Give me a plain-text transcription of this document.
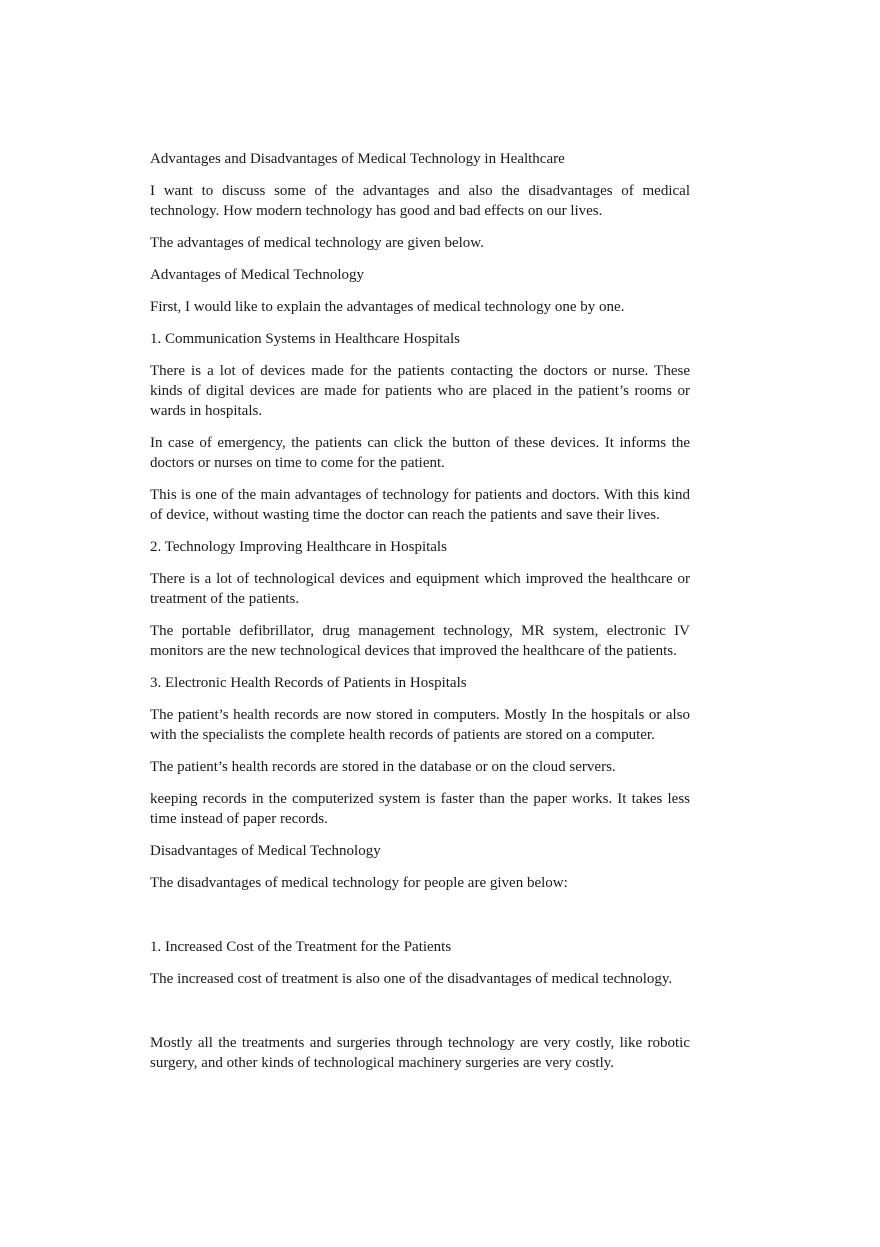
Advantages and Disadvantages of Medical Technology in Healthcare

I want to discuss some of the advantages and also the disadvantages of medical technology. How modern technology has good and bad effects on our lives.

The advantages of medical technology are given below.

Advantages of Medical Technology

First, I would like to explain the advantages of medical technology one by one.

1. Communication Systems in Healthcare Hospitals

There is a lot of devices made for the patients contacting the doctors or nurse. These kinds of digital devices are made for patients who are placed in the patient’s rooms or wards in hospitals.

In case of emergency, the patients can click the button of these devices. It informs the doctors or nurses on time to come for the patient.

This is one of the main advantages of technology for patients and doctors. With this kind of device, without wasting time the doctor can reach the patients and save their lives.

2. Technology Improving Healthcare in Hospitals

There is a lot of technological devices and equipment which improved the healthcare or treatment of the patients.

The portable defibrillator, drug management technology, MR system, electronic IV monitors are the new technological devices that improved the healthcare of the patients.

3. Electronic Health Records of Patients in Hospitals

The patient’s health records are now stored in computers. Mostly In the hospitals or also with the specialists the complete health records of patients are stored on a computer.

The patient’s health records are stored in the database or on the cloud servers.

keeping records in the computerized system is faster than the paper works. It takes less time instead of paper records.

Disadvantages of Medical Technology

The disadvantages of medical technology for people are given below:

1. Increased Cost of the Treatment for the Patients

The increased cost of treatment is also one of the disadvantages of medical technology.

Mostly all the treatments and surgeries through technology are very costly, like robotic surgery, and other kinds of technological machinery surgeries are very costly.
